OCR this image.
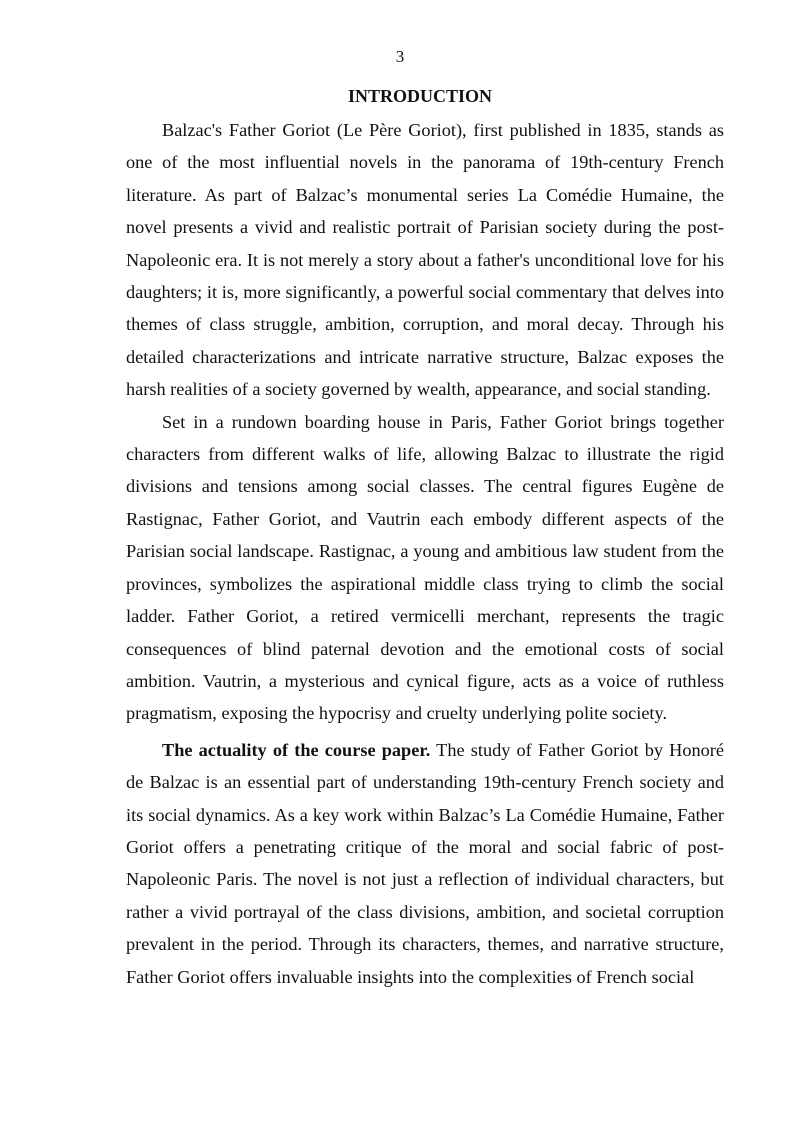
3
INTRODUCTION

Balzac's Father Goriot (Le Père Goriot), first published in 1835, stands as one of the most influential novels in the panorama of 19th-century French literature. As part of Balzac’s monumental series La Comédie Humaine, the novel presents a vivid and realistic portrait of Parisian society during the post-Napoleonic era. It is not merely a story about a father's unconditional love for his daughters; it is, more significantly, a powerful social commentary that delves into themes of class struggle, ambition, corruption, and moral decay. Through his detailed characterizations and intricate narrative structure, Balzac exposes the harsh realities of a society governed by wealth, appearance, and social standing.

Set in a rundown boarding house in Paris, Father Goriot brings together characters from different walks of life, allowing Balzac to illustrate the rigid divisions and tensions among social classes. The central figures Eugène de Rastignac, Father Goriot, and Vautrin each embody different aspects of the Parisian social landscape. Rastignac, a young and ambitious law student from the provinces, symbolizes the aspirational middle class trying to climb the social ladder. Father Goriot, a retired vermicelli merchant, represents the tragic consequences of blind paternal devotion and the emotional costs of social ambition. Vautrin, a mysterious and cynical figure, acts as a voice of ruthless pragmatism, exposing the hypocrisy and cruelty underlying polite society.

The actuality of the course paper. The study of Father Goriot by Honoré de Balzac is an essential part of understanding 19th-century French society and its social dynamics. As a key work within Balzac’s La Comédie Humaine, Father Goriot offers a penetrating critique of the moral and social fabric of post-Napoleonic Paris. The novel is not just a reflection of individual characters, but rather a vivid portrayal of the class divisions, ambition, and societal corruption prevalent in the period. Through its characters, themes, and narrative structure, Father Goriot offers invaluable insights into the complexities of French social
